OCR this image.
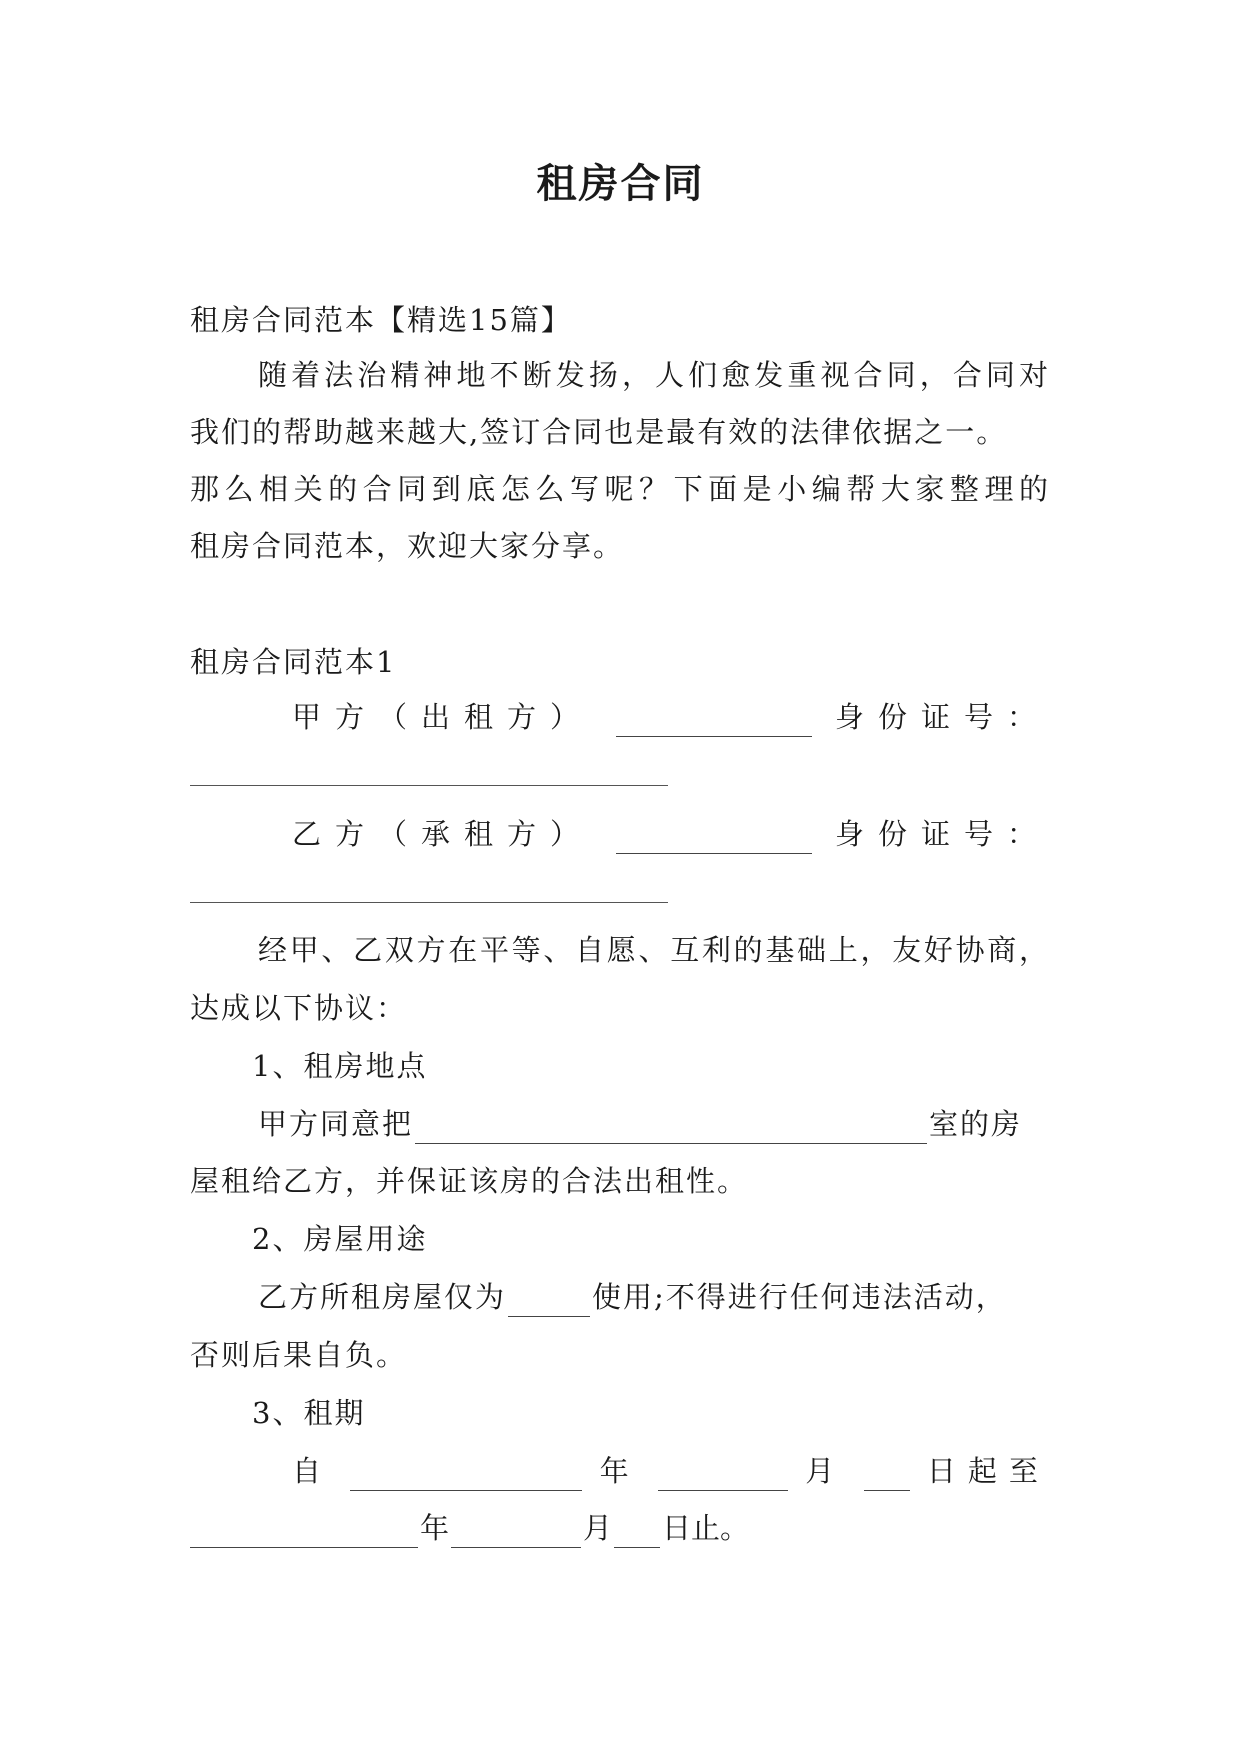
租房合同
租房合同范本【精选15篇】
随着法治精神地不断发扬，人们愈发重视合同，合同对
我们的帮助越来越大,签订合同也是最有效的法律依据之一。
那么相关的合同到底怎么写呢？下面是小编帮大家整理的
租房合同范本，欢迎大家分享。
租房合同范本1
甲方（出租方）	身份证号：
乙方（承租方）	身份证号：
经甲、乙双方在平等、自愿、互利的基础上，友好协商，
达成以下协议：
1、租房地点
甲方同意把	室的房
屋租给乙方，并保证该房的合法出租性。
2、房屋用途
乙方所租房屋仅为	使用;不得进行任何违法活动，
否则后果自负。
3、租期
自	年	月	日起至
年	月 日止。
